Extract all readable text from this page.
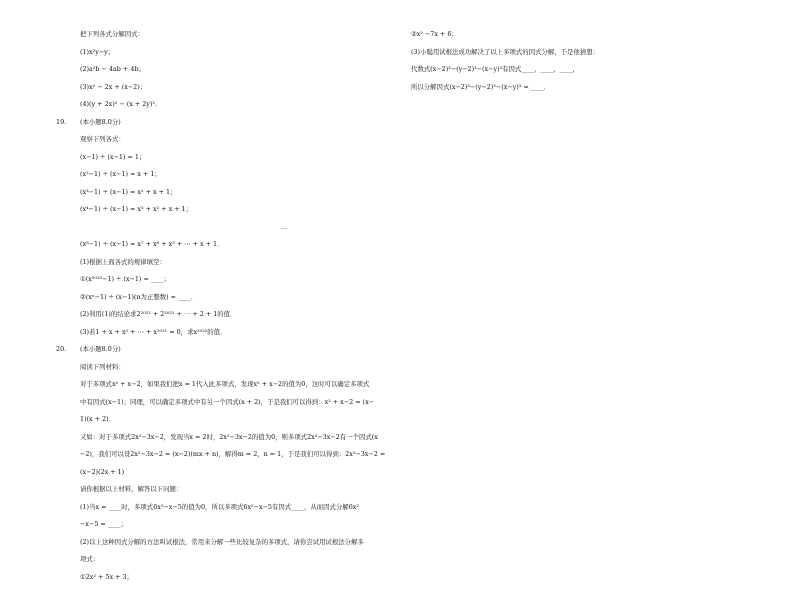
把下列各式分解因式：
(1)x²y−y；
(2)a²b − 4ab + 4b；
(3)x² − 2x + (x−2)；
(4)(y + 2x)² − (x + 2y)².
19. (本小题8.0分)
观察下列各式：
(x−1) ÷ (x−1) = 1；
(x²−1) ÷ (x−1) = x + 1；
(x³−1) ÷ (x−1) = x² + x + 1；
(x⁴−1) ÷ (x−1) = x³ + x² + x + 1；
…
(x⁸−1) ÷ (x−1) = x⁷ + x⁶ + x⁵ + ⋯ + x + 1．
(1)根据上面各式的规律填空：
①(x²⁰²²−1) ÷ (x−1) = ____；
②(xⁿ−1) ÷ (x−1)(n为正整数) = ____．
(2)利用(1)的结论求2²⁰²² + 2²⁰²¹ + ⋯ + 2 + 1的值．
(3)若1 + x + x² + ⋯ + x²⁰²¹ = 0，求x²⁰²²的值．
20. (本小题8.0分)
阅读下列材料：
对于多项式x² + x−2，如果我们把x = 1代入此多项式，发现x² + x−2的值为0，这时可以确定多项式
中有因式(x−1)；同理，可以确定多项式中有另一个因式(x + 2)，于是我们可以得到：x² + x−2 = (x−
1)(x + 2)．
又如：对于多项式2x²−3x−2，发现当x = 2时，2x²−3x−2的值为0，则多项式2x²−3x−2有一个因式(x
−2)，我们可以设2x²−3x−2 = (x−2)(mx + n)，解得m = 2，n = 1，于是我们可以得到：2x²−3x−2 =
(x−2)(2x + 1)
请你根据以上材料，解答以下问题：
(1)当x = ____时，多项式6x²−x−5的值为0，所以多项式6x²−x−5有因式____，从而因式分解6x²
−x−5 = ____；
(2)以上这种因式分解的方法叫试根法，常用来分解一些比较复杂的多项式，请你尝试用试根法分解多
项式：
①2x² + 5x + 3；
②x² −7x + 6；
(3)小聪用试根法成功解决了以上多项式的因式分解，于是他猜想：
代数式(x−2)³−(y−2)³−(x−y)³有因式____，____，____，
所以分解因式(x−2)³−(y−2)³−(x−y)³ = ____．
